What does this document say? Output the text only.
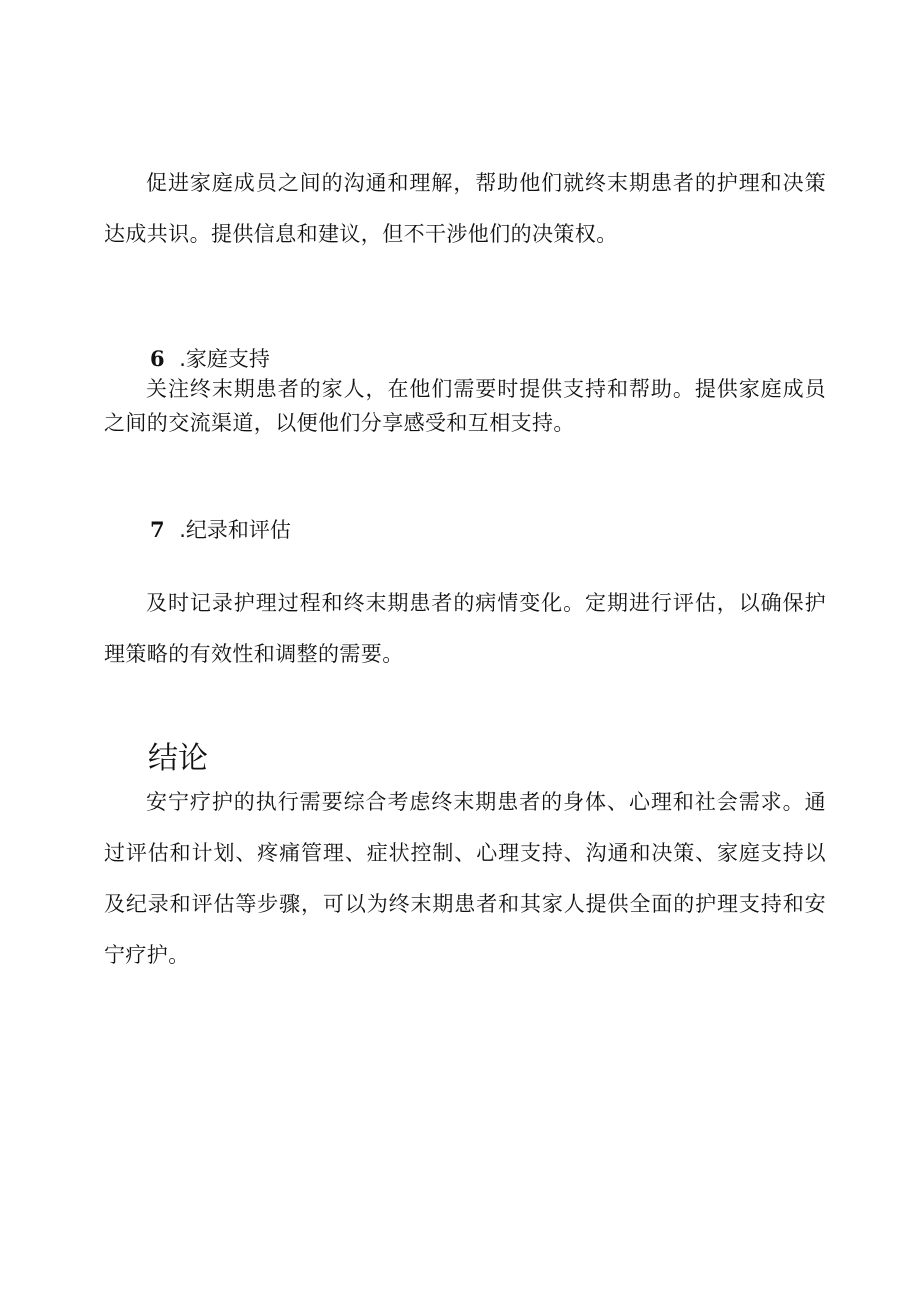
促进家庭成员之间的沟通和理解，帮助他们就终末期患者的护理和决策达成共识。提供信息和建议，但不干涉他们的决策权。

6 .家庭支持

关注终末期患者的家人，在他们需要时提供支持和帮助。提供家庭成员之间的交流渠道，以便他们分享感受和互相支持。

7 .纪录和评估

及时记录护理过程和终末期患者的病情变化。定期进行评估，以确保护理策略的有效性和调整的需要。

结论

安宁疗护的执行需要综合考虑终末期患者的身体、心理和社会需求。通过评估和计划、疼痛管理、症状控制、心理支持、沟通和决策、家庭支持以及纪录和评估等步骤，可以为终末期患者和其家人提供全面的护理支持和安宁疗护。
